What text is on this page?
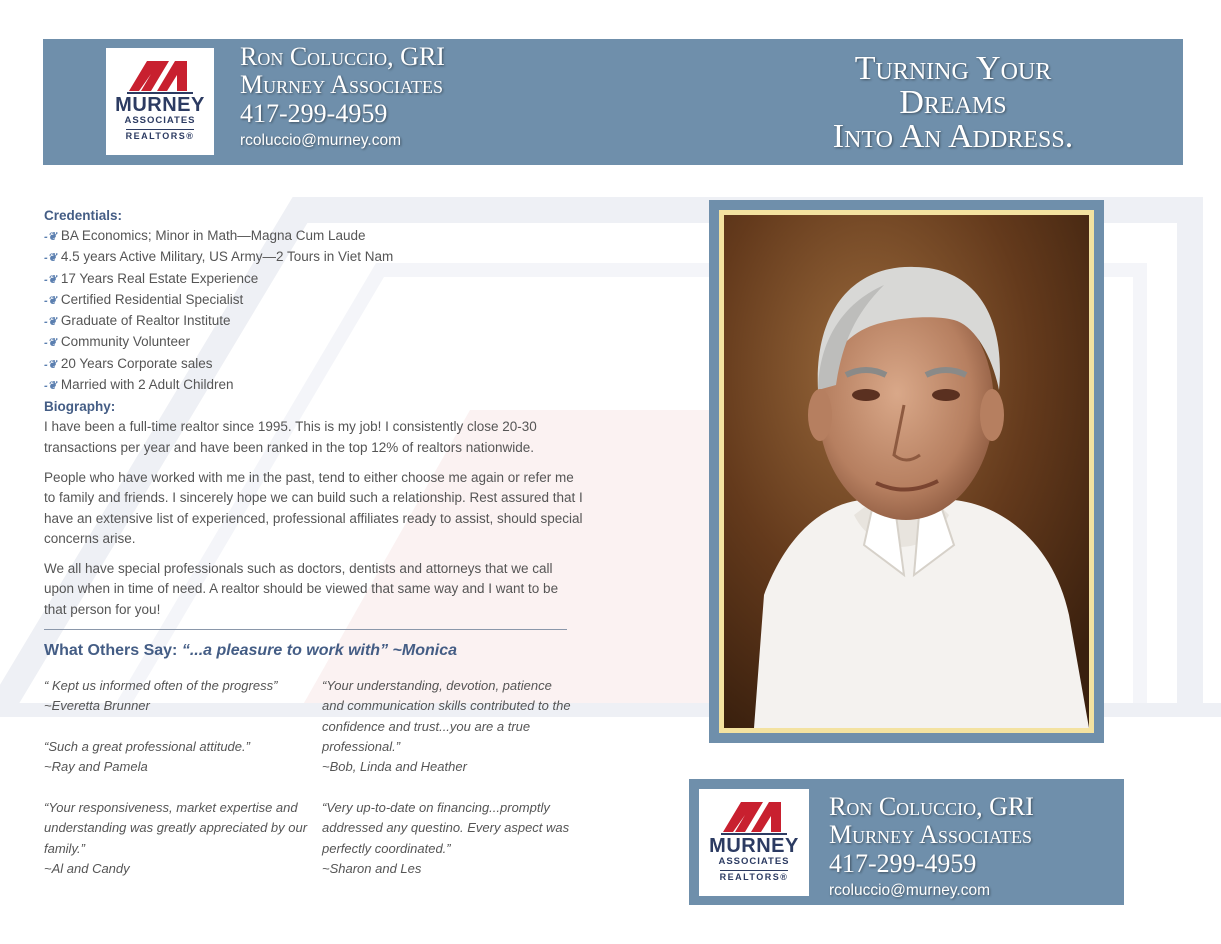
MURNEY
ASSOCIATES
REALTORS®
Ron Coluccio, GRI
Murney Associates
417-299-4959
rcoluccio@murney.com
Turning Your
Dreams
Into An Address.
Credentials:
-❦ BA Economics; Minor in Math—Magna Cum Laude
-❦ 4.5 years Active Military, US Army—2 Tours in Viet Nam
-❦ 17 Years Real Estate Experience
-❦ Certified Residential Specialist
-❦ Graduate of Realtor Institute
-❦ Community Volunteer
-❦ 20 Years Corporate sales
-❦ Married with 2 Adult Children
Biography:

I have been a full-time realtor since 1995. This is my job! I consistently close 20-30 transactions per year and have been ranked in the top 12% of realtors nationwide.

People who have worked with me in the past, tend to either choose me again or refer me to family and friends. I sincerely hope we can build such a relationship. Rest assured that I have an extensive list of experienced, professional affiliates ready to assist, should special concerns arise.

We all have special professionals such as doctors, dentists and attorneys that we call upon when in time of need. A realtor should be viewed that same way and I want to be that person for you!

What Others Say: “...a pleasure to work with” ~Monica
“ Kept us informed often of the progress”
~Everetta Brunner
“Such a great professional attitude.”
~Ray and Pamela
“Your responsiveness, market expertise and understanding was greatly appreciated by our family.”
~Al and Candy
“Your understanding, devotion, patience and communication skills contributed to the confidence and trust...you are a true professional.”
~Bob, Linda and Heather
“Very up-to-date on financing...promptly addressed any questino. Every aspect was perfectly coordinated.”
~Sharon and Les
MURNEY
ASSOCIATES
REALTORS®
Ron Coluccio, GRI
Murney Associates
417-299-4959
rcoluccio@murney.com
